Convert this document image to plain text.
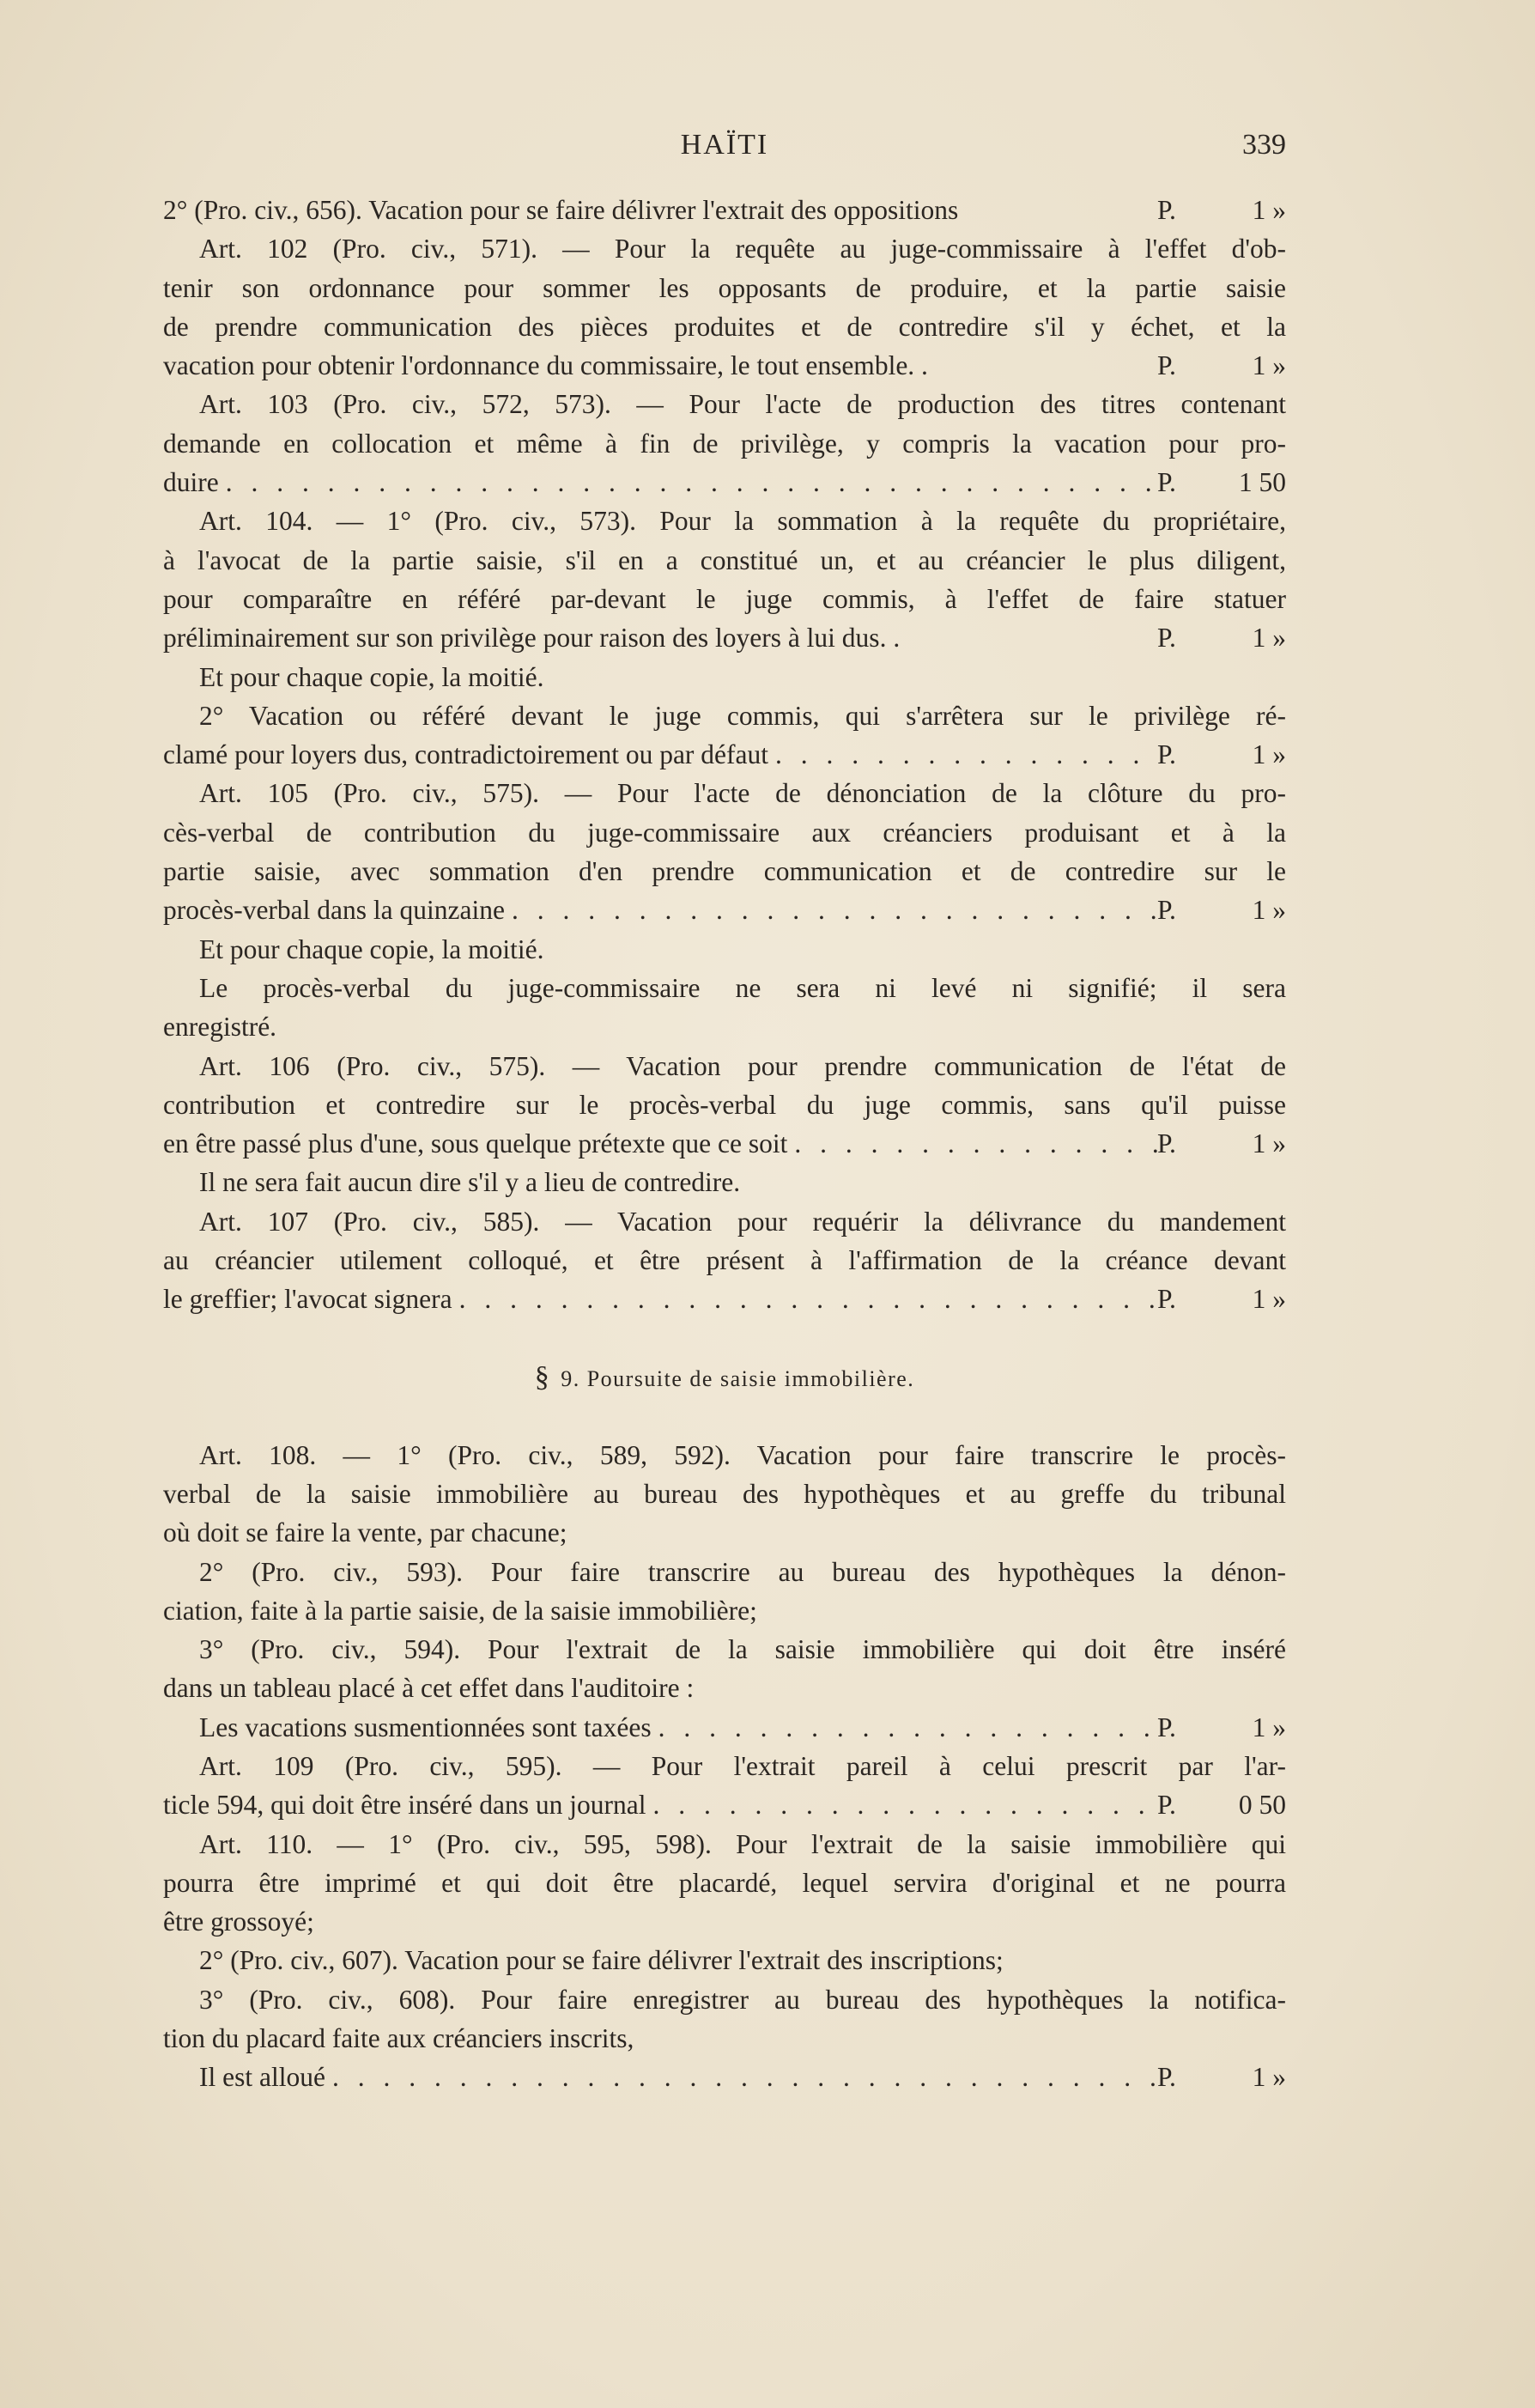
HAÏTI	339
2° (Pro. civ., 656). Vacation pour se faire délivrer l'extrait des oppositions	P.	1 »
Art. 102 (Pro. civ., 571). — Pour la requête au juge-commissaire à l'effet d'ob-
tenir son ordonnance pour sommer les opposants de produire, et la partie saisie
de prendre communication des pièces produites et de contredire s'il y échet, et la
vacation pour obtenir l'ordonnance du commissaire, le tout ensemble. .	P.	1 »
Art. 103 (Pro. civ., 572, 573). — Pour l'acte de production des titres contenant
demande en collocation et même à fin de privilège, y compris la vacation pour pro-
duire . . .	P. 1 50
Art. 104. — 1° (Pro. civ., 573). Pour la sommation à la requête du propriétaire,
à l'avocat de la partie saisie, s'il en a constitué un, et au créancier le plus diligent,
pour comparaître en référé par-devant le juge commis, à l'effet de faire statuer
préliminairement sur son privilège pour raison des loyers à lui dus. .	P.	1 »
Et pour chaque copie, la moitié.
2° Vacation ou référé devant le juge commis, qui s'arrêtera sur le privilège ré-
clamé pour loyers dus, contradictoirement ou par défaut . . .	P.	1 »
Art. 105 (Pro. civ., 575). — Pour l'acte de dénonciation de la clôture du pro-
cès-verbal de contribution du juge-commissaire aux créanciers produisant et à la
partie saisie, avec sommation d'en prendre communication et de contredire sur le
procès-verbal dans la quinzaine . . .	P.	1 »
Et pour chaque copie, la moitié.
Le procès-verbal du juge-commissaire ne sera ni levé ni signifié; il sera
enregistré.
Art. 106 (Pro. civ., 575). — Vacation pour prendre communication de l'état de
contribution et contredire sur le procès-verbal du juge commis, sans qu'il puisse
en être passé plus d'une, sous quelque prétexte que ce soit . . .	P.	1 »
Il ne sera fait aucun dire s'il y a lieu de contredire.
Art. 107 (Pro. civ., 585). — Vacation pour requérir la délivrance du mandement
au créancier utilement colloqué, et être présent à l'affirmation de la créance devant
le greffier; l'avocat signera . . .	P.	1 »
§ 9. Poursuite de saisie immobilière.
Art. 108. — 1° (Pro. civ., 589, 592). Vacation pour faire transcrire le procès-
verbal de la saisie immobilière au bureau des hypothèques et au greffe du tribunal
où doit se faire la vente, par chacune;
2° (Pro. civ., 593). Pour faire transcrire au bureau des hypothèques la dénon-
ciation, faite à la partie saisie, de la saisie immobilière;
3° (Pro. civ., 594). Pour l'extrait de la saisie immobilière qui doit être inséré
dans un tableau placé à cet effet dans l'auditoire :
Les vacations susmentionnées sont taxées . . .	P.	1 »
Art. 109 (Pro. civ., 595). — Pour l'extrait pareil à celui prescrit par l'ar-
ticle 594, qui doit être inséré dans un journal . . .	P. 0 50
Art. 110. — 1° (Pro. civ., 595, 598). Pour l'extrait de la saisie immobilière qui
pourra être imprimé et qui doit être placardé, lequel servira d'original et ne pourra
être grossoyé;
2° (Pro. civ., 607). Vacation pour se faire délivrer l'extrait des inscriptions;
3° (Pro. civ., 608). Pour faire enregistrer au bureau des hypothèques la notifica-
tion du placard faite aux créanciers inscrits,
Il est alloué . . .	P.	1 »
